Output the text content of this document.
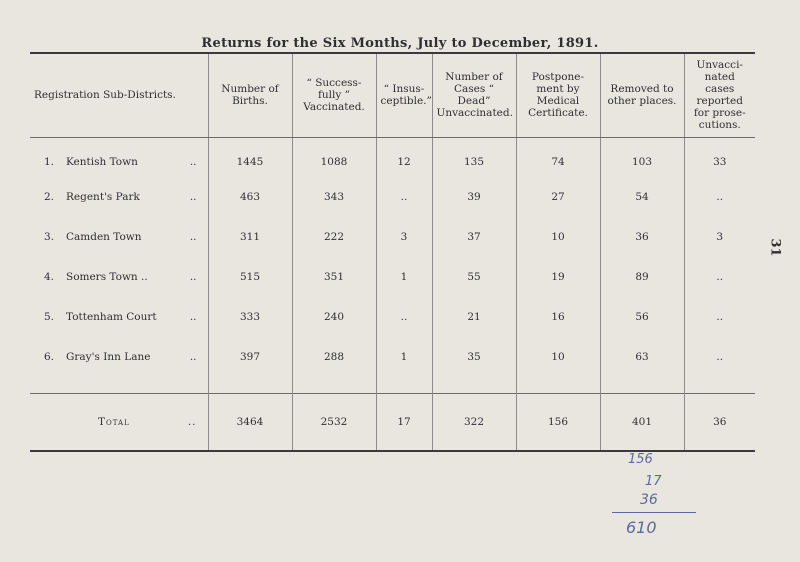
Returns for the Six Months, July to December, 1891.
31
Registration Sub-Districts.	Number of Births.	“ Success-fully ” Vaccinated.	“ Insus-ceptible.”	Number of Cases “ Dead” Unvaccinated.	Postpone-ment by Medical Certificate.	Removed to other places.	Unvacci-nated cases reported for prose-cutions.
1. Kentish Town ..	1445	1088	12	135	74	103	33
2. Regent's Park ..	463	343	..	39	27	54	..
3. Camden Town ..	311	222	3	37	10	36	3
4. Somers Town .. ..	515	351	1	55	19	89	..
5. Tottenham Court ..	333	240	..	21	16	56	..
6. Gray's Inn Lane ..	397	288	1	35	10	63	..

Total ..	3464	2532	17	322	156	401	36
156
17
36
610
